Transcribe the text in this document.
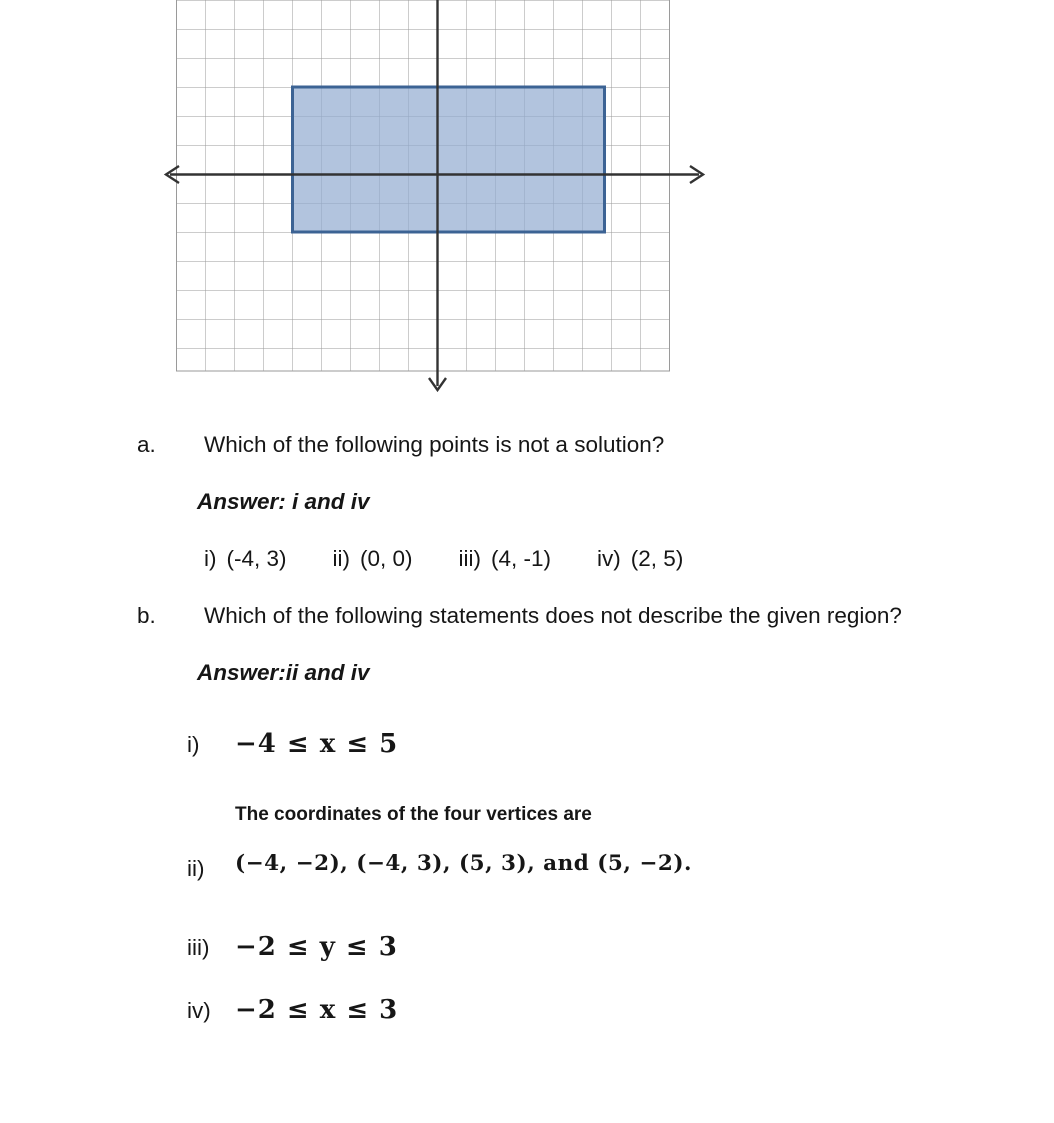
a.	Which of the following points is not a solution?
Answer: i and iv
i) (-4, 3) ii) (0, 0) iii) (4, -1) iv) (2, 5)
b.	Which of the following statements does not describe the given region?
Answer:ii and iv
i)	−4 ≤ x ≤ 5
ii)
The coordinates of the four vertices are
(−4, −2), (−4, 3), (5, 3), and (5, −2).
iii) −2 ≤ y ≤ 3
iv) −2 ≤ x ≤ 3
